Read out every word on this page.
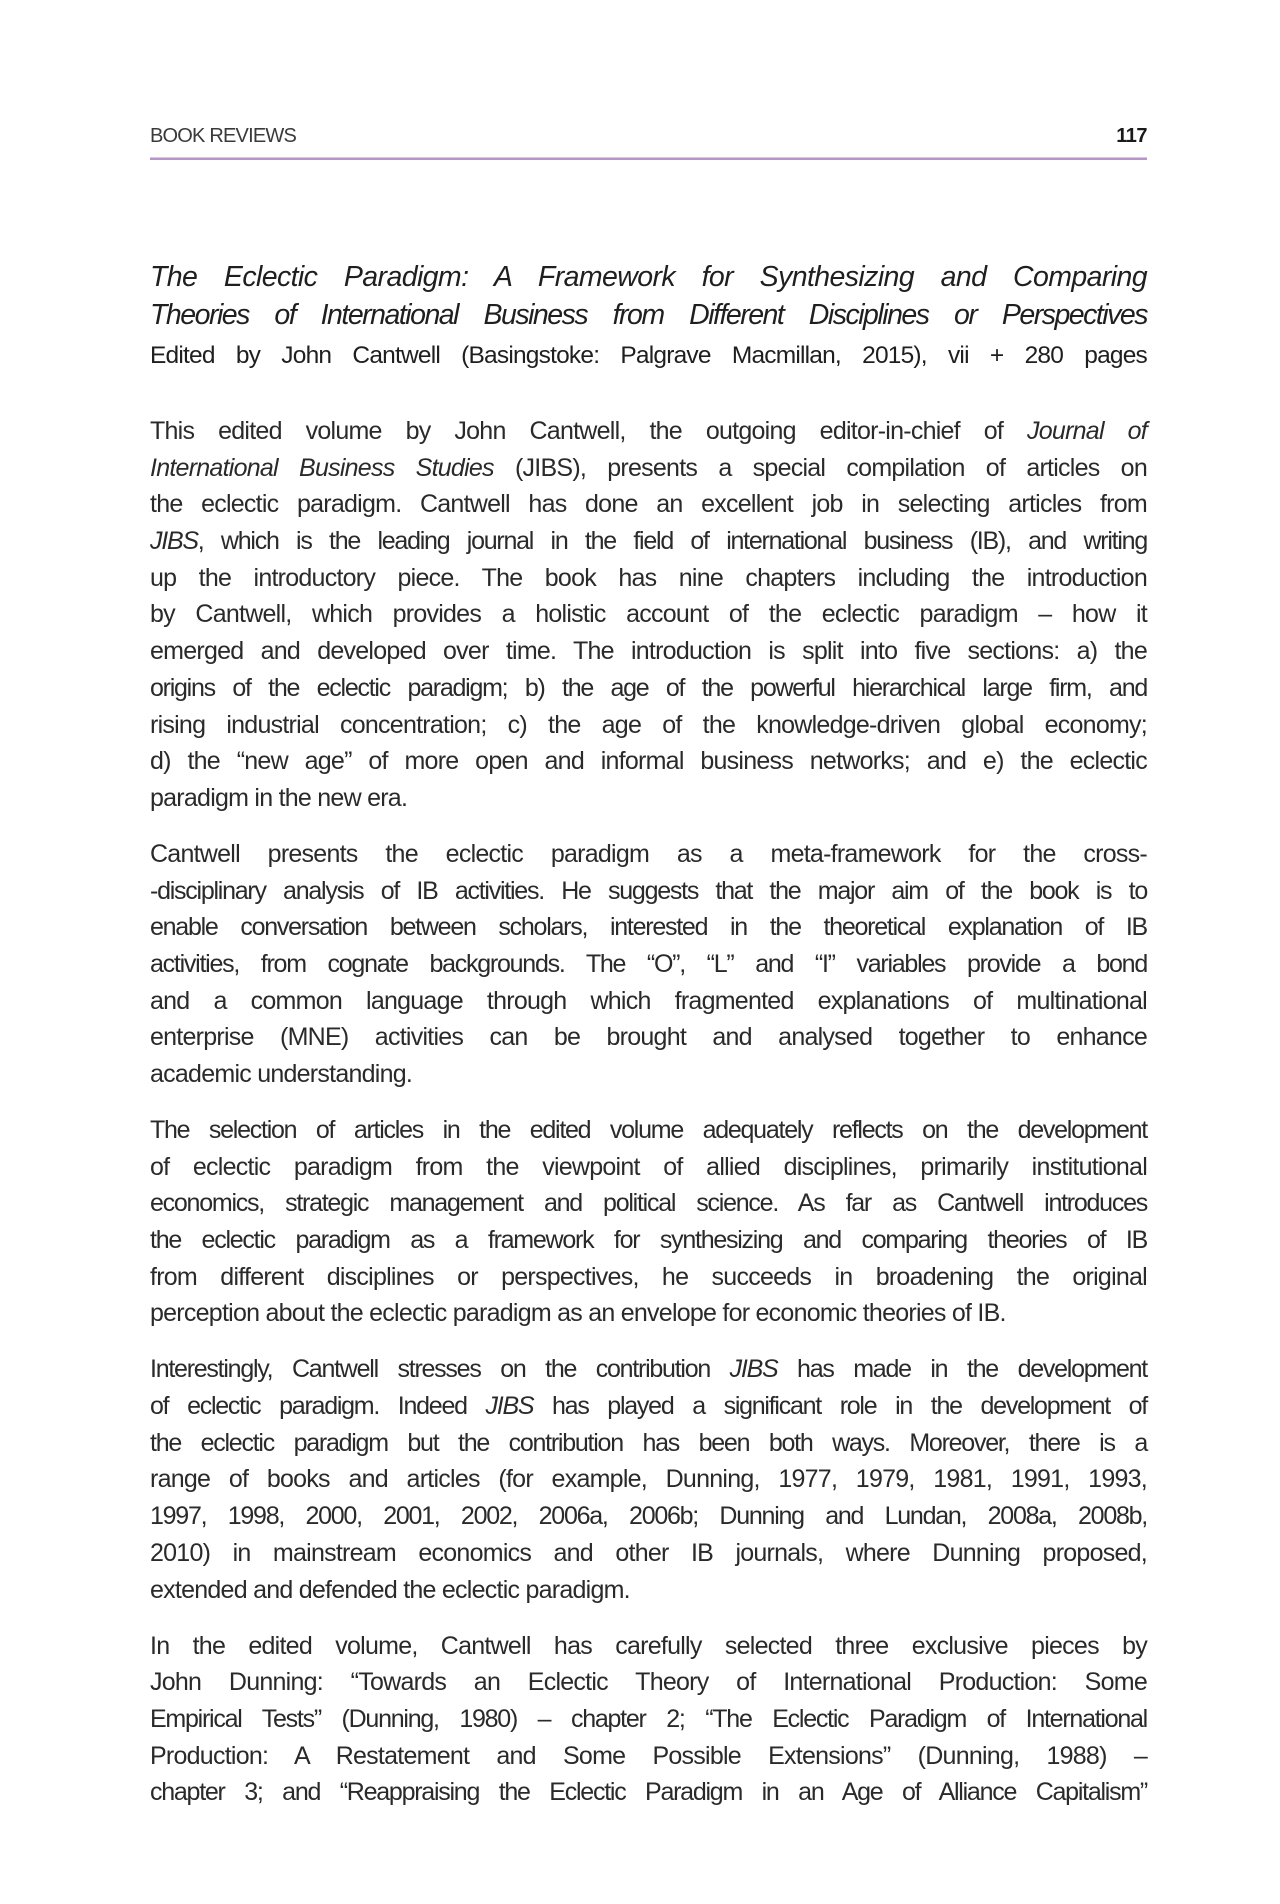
BOOK REVIEWS	117
The Eclectic Paradigm: A Framework for Synthesizing and Comparing
Theories of International Business from Different Disciplines or Perspectives
Edited by John Cantwell (Basingstoke: Palgrave Macmillan, 2015), vii + 280 pages
This edited volume by John Cantwell, the outgoing editor-in-chief of Journal of
International Business Studies (JIBS), presents a special compilation of articles on
the eclectic paradigm. Cantwell has done an excellent job in selecting articles from
JIBS, which is the leading journal in the field of international business (IB), and writing
up the introductory piece. The book has nine chapters including the introduction
by Cantwell, which provides a holistic account of the eclectic paradigm – how it
emerged and developed over time. The introduction is split into five sections: a) the
origins of the eclectic paradigm; b) the age of the powerful hierarchical large firm, and
rising industrial concentration; c) the age of the knowledge-driven global economy;
d) the “new age” of more open and informal business networks; and e) the eclectic
paradigm in the new era.
Cantwell presents the eclectic paradigm as a meta-framework for the cross-
-disciplinary analysis of IB activities. He suggests that the major aim of the book is to
enable conversation between scholars, interested in the theoretical explanation of IB
activities, from cognate backgrounds. The “O”, “L” and “I” variables provide a bond
and a common language through which fragmented explanations of multinational
enterprise (MNE) activities can be brought and analysed together to enhance
academic understanding.
The selection of articles in the edited volume adequately reflects on the development
of eclectic paradigm from the viewpoint of allied disciplines, primarily institutional
economics, strategic management and political science. As far as Cantwell introduces
the eclectic paradigm as a framework for synthesizing and comparing theories of IB
from different disciplines or perspectives, he succeeds in broadening the original
perception about the eclectic paradigm as an envelope for economic theories of IB.
Interestingly, Cantwell stresses on the contribution JIBS has made in the development
of eclectic paradigm. Indeed JIBS has played a significant role in the development of
the eclectic paradigm but the contribution has been both ways. Moreover, there is a
range of books and articles (for example, Dunning, 1977, 1979, 1981, 1991, 1993,
1997, 1998, 2000, 2001, 2002, 2006a, 2006b; Dunning and Lundan, 2008a, 2008b,
2010) in mainstream economics and other IB journals, where Dunning proposed,
extended and defended the eclectic paradigm.
In the edited volume, Cantwell has carefully selected three exclusive pieces by
John Dunning: “Towards an Eclectic Theory of International Production: Some
Empirical Tests” (Dunning, 1980) – chapter 2; “The Eclectic Paradigm of International
Production: A Restatement and Some Possible Extensions” (Dunning, 1988) –
chapter 3; and “Reappraising the Eclectic Paradigm in an Age of Alliance Capitalism”
